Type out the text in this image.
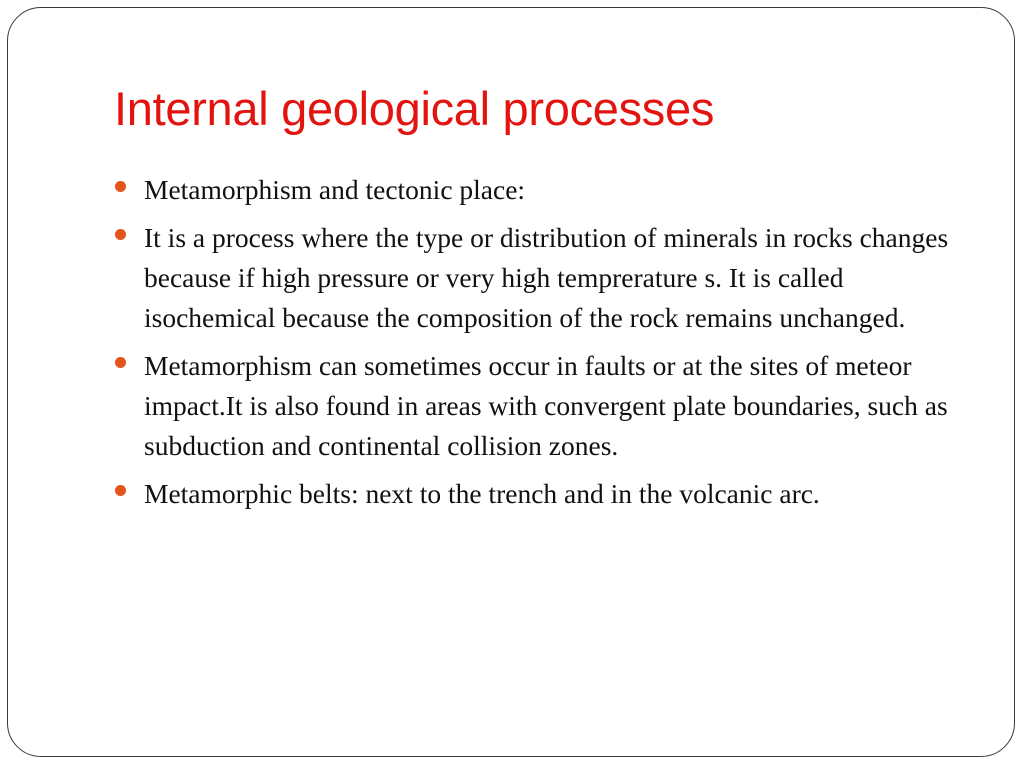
Internal geological processes
Metamorphism and tectonic place:
It is a process where the type or distribution of minerals in rocks changes because if high pressure or very high temprerature s. It is called isochemical because the composition of the rock remains unchanged.
Metamorphism can sometimes occur in faults or at the sites of meteor impact.It is also found in areas with convergent plate boundaries, such as subduction and continental collision zones.
Metamorphic belts: next to the trench and in the volcanic arc.
